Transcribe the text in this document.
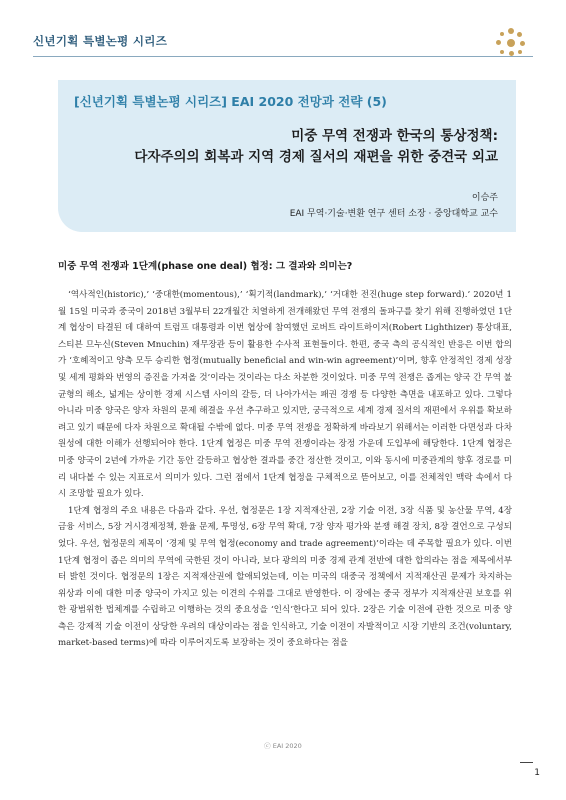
신년기획 특별논평 시리즈
[신년기획 특별논평 시리즈] EAI 2020 전망과 전략 (5)
미중 무역 전쟁과 한국의 통상정책:
다자주의의 회복과 지역 경제 질서의 재편을 위한 중견국 외교
이승주
EAI 무역·기술·변환 연구 센터 소장 · 중앙대학교 교수
미중 무역 전쟁과 1단계(phase one deal) 협정: 그 결과와 의미는?

‘역사적인(historic),’ ‘중대한(momentous),’ ‘획기적(landmark),’ ‘거대한 전진(huge step forward).’ 2020년 1월 15일 미국과 중국이 2018년 3월부터 22개월간 치열하게 전개해왔던 무역 전쟁의 돌파구를 찾기 위해 진행하였던 1단계 협상이 타결된 데 대하여 트럼프 대통령과 이번 협상에 참여했던 로버트 라이트하이저(Robert Lighthizer) 통상대표, 스티븐 므누신(Steven Mnuchin) 재무장관 등이 활용한 수사적 표현들이다. 한편, 중국 측의 공식적인 반응은 이번 합의가 ‘호혜적이고 양측 모두 승리한 협정(mutually beneficial and win-win agreement)’이며, 향후 안정적인 경제 성장 및 세계 평화와 번영의 증진을 가져올 것’이라는 것이라는 다소 차분한 것이었다. 미중 무역 전쟁은 좁게는 양국 간 무역 불균형의 해소, 넓게는 상이한 경제 시스템 사이의 갈등, 더 나아가서는 패권 경쟁 등 다양한 측면을 내포하고 있다. 그렇다 아니라 미중 양국은 양자 차원의 문제 해결을 우선 추구하고 있지만, 궁극적으로 세계 경제 질서의 재편에서 우위를 확보하려고 있기 때문에 다자 차원으로 확대될 수밖에 없다. 미중 무역 전쟁을 정확하게 바라보기 위해서는 이러한 다면성과 다차원성에 대한 이해가 선행되어야 한다. 1단계 협정은 미중 무역 전쟁이라는 장정 가운데 도입부에 해당한다. 1단계 협정은 미중 양국이 2년에 가까운 기간 동안 갈등하고 협상한 결과를 중간 정산한 것이고, 이와 동시에 미중관계의 향후 경로를 미리 내다볼 수 있는 지표로서 의미가 있다. 그런 점에서 1단계 협정을 구체적으로 뜯어보고, 이를 전체적인 맥락 속에서 다시 조망할 필요가 있다.

1단계 협정의 주요 내용은 다음과 같다. 우선, 협정문은 1장 지적재산권, 2장 기술 이전, 3장 식품 및 농산물 무역, 4장 금융 서비스, 5장 거시경제정책, 환율 문제, 투명성, 6장 무역 확대, 7장 양자 평가와 분쟁 해결 장치, 8장 결언으로 구성되었다. 우선, 협정문의 제목이 ‘경제 및 무역 협정(economy and trade agreement)’이라는 데 주목할 필요가 있다. 이번 1단계 협정이 좁은 의미의 무역에 국한된 것이 아니라, 보다 광의의 미중 경제 관계 전반에 대한 합의라는 점을 제목에서부터 밝힌 것이다. 협정문의 1장은 지적재산권에 할애되었는데, 이는 미국의 대중국 정책에서 지적재산권 문제가 차지하는 위상과 이에 대한 미중 양국이 가지고 있는 이견의 수위를 그대로 반영한다. 이 장에는 중국 정부가 지적재산권 보호를 위한 광범위한 법체계를 수립하고 이행하는 것의 중요성을 ‘인식’한다고 되어 있다. 2장은 기술 이전에 관한 것으로 미중 양측은 강제적 기술 이전이 상당한 우려의 대상이라는 점을 인식하고, 기술 이전이 자발적이고 시장 기반의 조건(voluntary, market-based terms)에 따라 이루어지도록 보장하는 것이 중요하다는 점을

ⓒ EAI 2020
1
